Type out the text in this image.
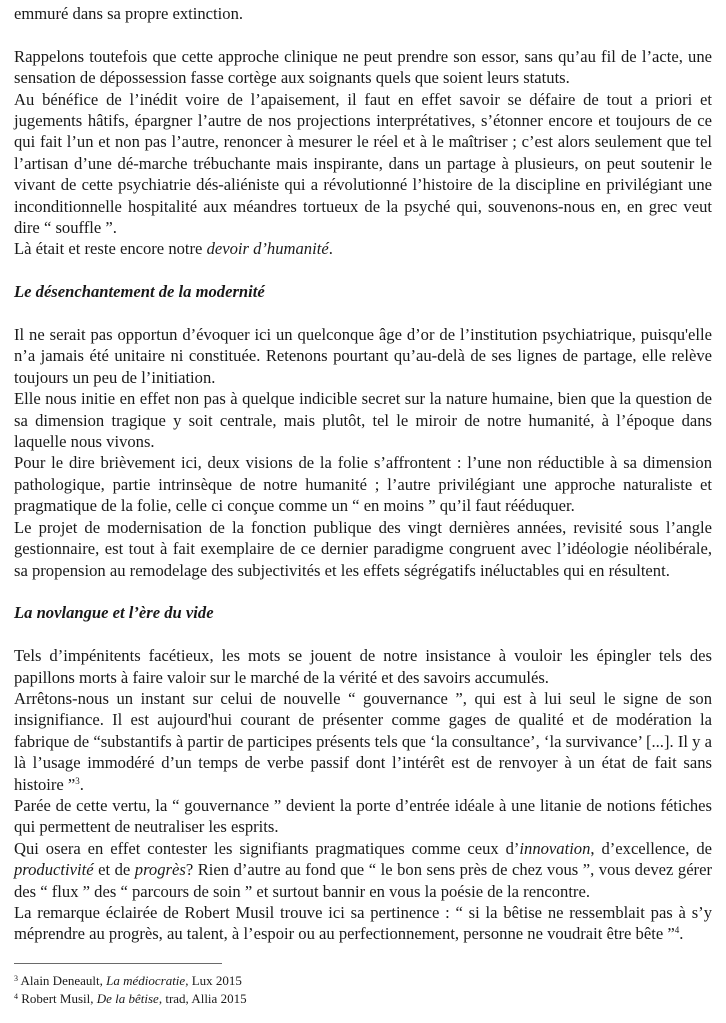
emmuré dans sa propre extinction.

Rappelons toutefois que cette approche clinique ne peut prendre son essor, sans qu’au fil de l’acte, une sensation de dépossession fasse cortège aux soignants quels que soient leurs statuts.

Au bénéfice de l’inédit voire de l’apaisement, il faut en effet savoir se défaire de tout a priori et jugements hâtifs, épargner l’autre de nos projections interprétatives, s’étonner encore et toujours de ce qui fait l’un et non pas l’autre, renoncer à mesurer le réel et à le maîtriser ; c’est alors seulement que tel l’artisan d’une dé-marche trébuchante mais inspirante, dans un partage à plusieurs, on peut soutenir le vivant de cette psychiatrie dés-aliéniste qui a révolutionné l’histoire de la discipline en privilégiant une inconditionnelle hospitalité aux méandres tortueux de la psyché qui, souvenons-nous en, en grec veut dire “ souffle ”.

Là était et reste encore notre devoir d’humanité.

Le désenchantement de la modernité

Il ne serait pas opportun d’évoquer ici un quelconque âge d’or de l’institution psychiatrique, puisqu'elle n’a jamais été unitaire ni constituée. Retenons pourtant qu’au-delà de ses lignes de partage, elle relève toujours un peu de l’initiation.

Elle nous initie en effet non pas à quelque indicible secret sur la nature humaine, bien que la question de sa dimension tragique y soit centrale, mais plutôt, tel le miroir de notre humanité, à l’époque dans laquelle nous vivons.

Pour le dire brièvement ici, deux visions de la folie s’affrontent : l’une non réductible à sa dimension pathologique, partie intrinsèque de notre humanité ; l’autre privilégiant une approche naturaliste et pragmatique de la folie, celle ci conçue comme un “ en moins ” qu’il faut rééduquer.

Le projet de modernisation de la fonction publique des vingt dernières années, revisité sous l’angle gestionnaire, est tout à fait exemplaire de ce dernier paradigme congruent avec l’idéologie néolibérale, sa propension au remodelage des subjectivités et les effets ségrégatifs inéluctables qui en résultent.

La novlangue et l’ère du vide

Tels d’impénitents facétieux, les mots se jouent de notre insistance à vouloir les épingler tels des papillons morts à faire valoir sur le marché de la vérité et des savoirs accumulés.

Arrêtons-nous un instant sur celui de nouvelle “ gouvernance ”, qui est à lui seul le signe de son insignifiance. Il est aujourd'hui courant de présenter comme gages de qualité et de modération la fabrique de “substantifs à partir de participes présents tels que ‘la consultance’, ‘la survivance’ [...]. Il y a là l’usage immodéré d’un temps de verbe passif dont l’intérêt est de renvoyer à un état de fait sans histoire ”$^3$.

Parée de cette vertu, la “ gouvernance ” devient la porte d’entrée idéale à une litanie de notions fétiches qui permettent de neutraliser les esprits.

Qui osera en effet contester les signifiants pragmatiques comme ceux d’innovation, d’excellence, de productivité et de progrès? Rien d’autre au fond que “ le bon sens près de chez vous ”, vous devez gérer des “ flux ” des “ parcours de soin ” et surtout bannir en vous la poésie de la rencontre.

La remarque éclairée de Robert Musil trouve ici sa pertinence : “ si la bêtise ne ressemblait pas à s’y méprendre au progrès, au talent, à l’espoir ou au perfectionnement, personne ne voudrait être bête ”$^4$.

$^3$ Alain Deneault, La médiocratie, Lux 2015
$^4$ Robert Musil, De la bêtise, trad, Allia 2015
